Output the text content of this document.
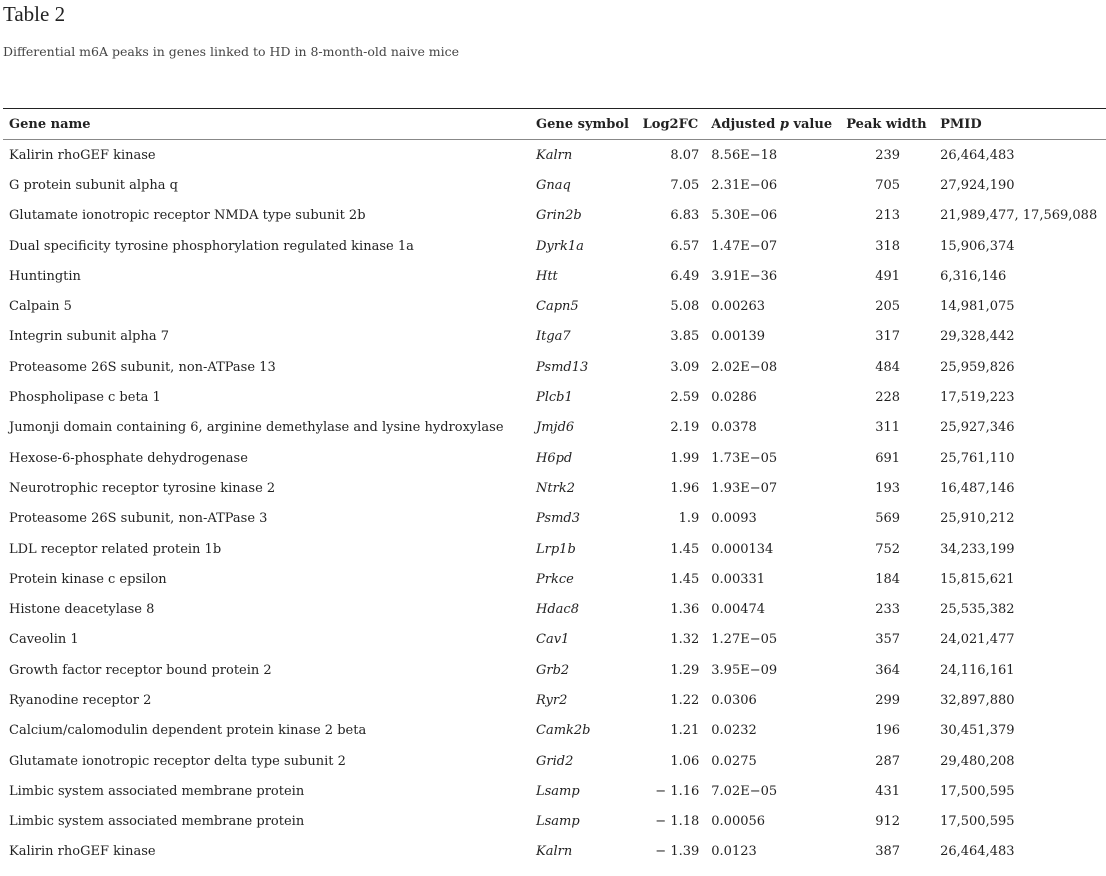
Table 2
Differential m6A peaks in genes linked to HD in 8-month-old naive mice
Gene name	Gene symbol	Log2FC	Adjusted p value	Peak width	PMID
Kalirin rhoGEF kinase	Kalrn	8.07	8.56E−18	239	26,464,483
G protein subunit alpha q	Gnaq	7.05	2.31E−06	705	27,924,190
Glutamate ionotropic receptor NMDA type subunit 2b	Grin2b	6.83	5.30E−06	213	21,989,477, 17,569,088
Dual specificity tyrosine phosphorylation regulated kinase 1a	Dyrk1a	6.57	1.47E−07	318	15,906,374
Huntingtin	Htt	6.49	3.91E−36	491	6,316,146
Calpain 5	Capn5	5.08	0.00263	205	14,981,075
Integrin subunit alpha 7	Itga7	3.85	0.00139	317	29,328,442
Proteasome 26S subunit, non-ATPase 13	Psmd13	3.09	2.02E−08	484	25,959,826
Phospholipase c beta 1	Plcb1	2.59	0.0286	228	17,519,223
Jumonji domain containing 6, arginine demethylase and lysine hydroxylase	Jmjd6	2.19	0.0378	311	25,927,346
Hexose-6-phosphate dehydrogenase	H6pd	1.99	1.73E−05	691	25,761,110
Neurotrophic receptor tyrosine kinase 2	Ntrk2	1.96	1.93E−07	193	16,487,146
Proteasome 26S subunit, non-ATPase 3	Psmd3	1.9	0.0093	569	25,910,212
LDL receptor related protein 1b	Lrp1b	1.45	0.000134	752	34,233,199
Protein kinase c epsilon	Prkce	1.45	0.00331	184	15,815,621
Histone deacetylase 8	Hdac8	1.36	0.00474	233	25,535,382
Caveolin 1	Cav1	1.32	1.27E−05	357	24,021,477
Growth factor receptor bound protein 2	Grb2	1.29	3.95E−09	364	24,116,161
Ryanodine receptor 2	Ryr2	1.22	0.0306	299	32,897,880
Calcium/calomodulin dependent protein kinase 2 beta	Camk2b	1.21	0.0232	196	30,451,379
Glutamate ionotropic receptor delta type subunit 2	Grid2	1.06	0.0275	287	29,480,208
Limbic system associated membrane protein	Lsamp	− 1.16	7.02E−05	431	17,500,595
Limbic system associated membrane protein	Lsamp	− 1.18	0.00056	912	17,500,595
Kalirin rhoGEF kinase	Kalrn	− 1.39	0.0123	387	26,464,483
